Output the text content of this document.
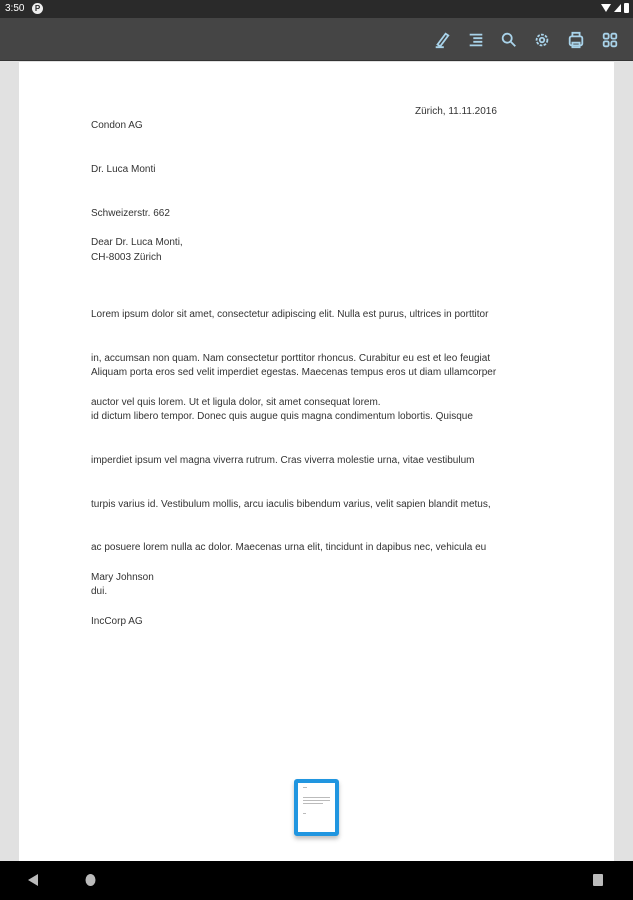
3:50	P

Condon AG

Dr. Luca Monti

Schweizerstr. 662

CH-8003 Zürich

Zürich, 11.11.2016
Dear Dr. Luca Monti,

Lorem ipsum dolor sit amet, consectetur adipiscing elit. Nulla est purus, ultrices in porttitor

in, accumsan non quam. Nam consectetur porttitor rhoncus. Curabitur eu est et leo feugiat

auctor vel quis lorem. Ut et ligula dolor, sit amet consequat lorem.

Aliquam porta eros sed velit imperdiet egestas. Maecenas tempus eros ut diam ullamcorper

id dictum libero tempor. Donec quis augue quis magna condimentum lobortis. Quisque

imperdiet ipsum vel magna viverra rutrum. Cras viverra molestie urna, vitae vestibulum

turpis varius id. Vestibulum mollis, arcu iaculis bibendum varius, velit sapien blandit metus,

ac posuere lorem nulla ac dolor. Maecenas urna elit, tincidunt in dapibus nec, vehicula eu

dui.

Mary Johnson

IncCorp AG
